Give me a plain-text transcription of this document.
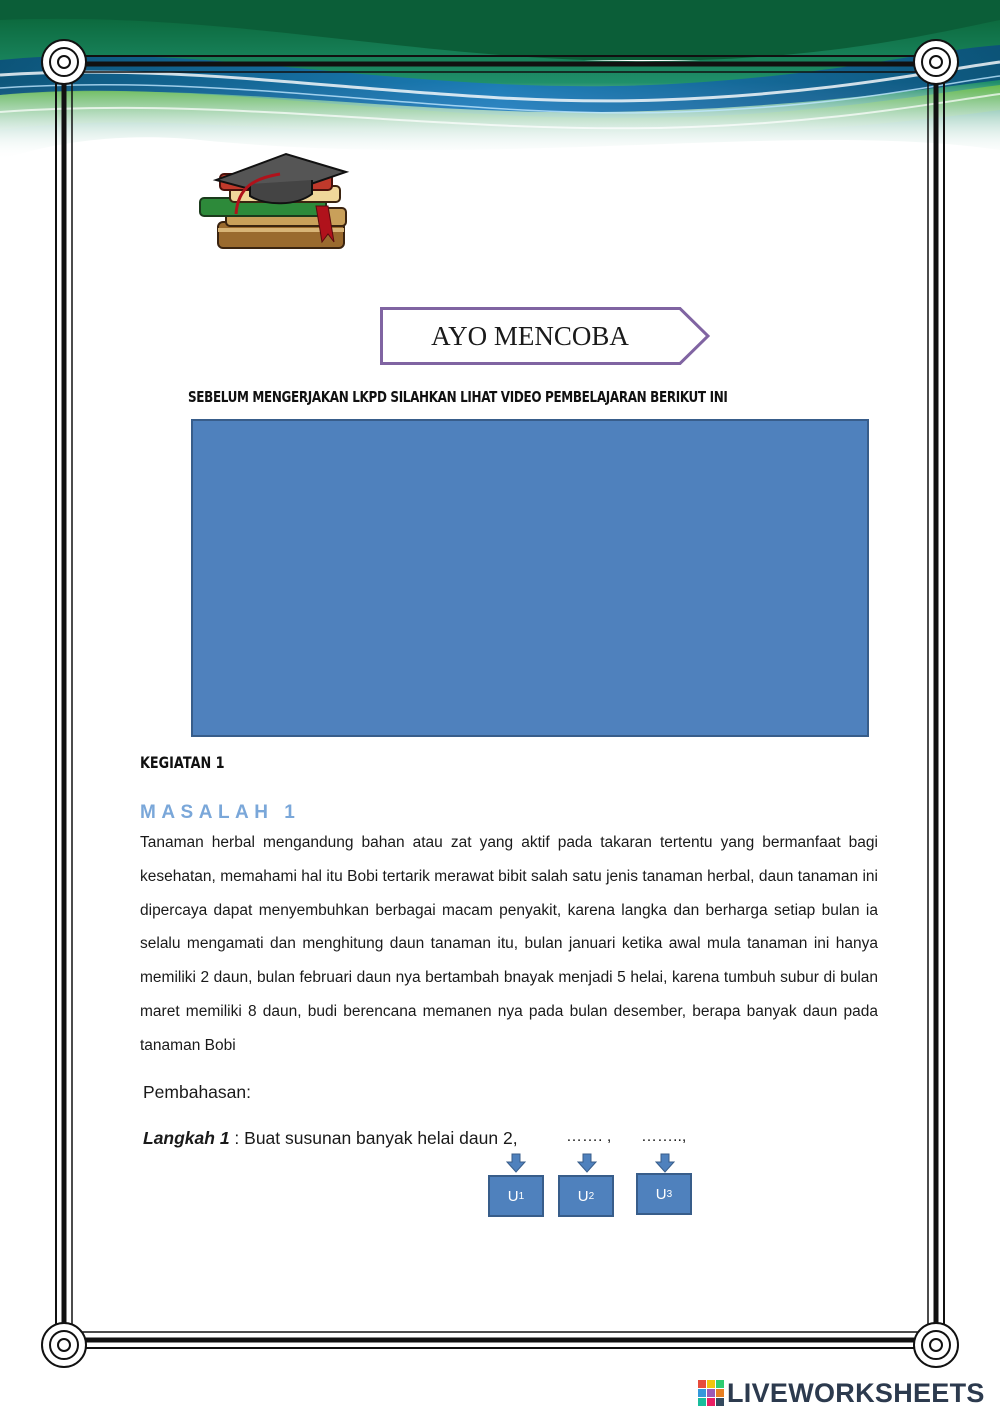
AYO MENCOBA
SEBELUM MENGERJAKAN LKPD SILAHKAN LIHAT VIDEO PEMBELAJARAN BERIKUT INI
KEGIATAN 1
MASALAH 1

Tanaman herbal mengandung bahan atau zat yang aktif pada takaran tertentu yang bermanfaat bagi kesehatan, memahami hal itu Bobi tertarik merawat bibit salah satu jenis tanaman herbal, daun tanaman ini dipercaya dapat menyembuhkan berbagai macam penyakit, karena langka dan berharga setiap bulan ia selalu mengamati dan menghitung daun tanaman itu, bulan januari ketika awal mula tanaman ini hanya memiliki 2 daun, bulan februari daun nya bertambah bnayak menjadi 5 helai, karena tumbuh subur di bulan maret memiliki 8 daun, budi berencana memanen nya pada bulan desember, berapa banyak daun pada tanaman Bobi

Pembahasan:
Langkah 1 : Buat susunan banyak helai daun 2,	……. , ……..,
U 1	U 2	U 3
LIVEWORKSHEETS
